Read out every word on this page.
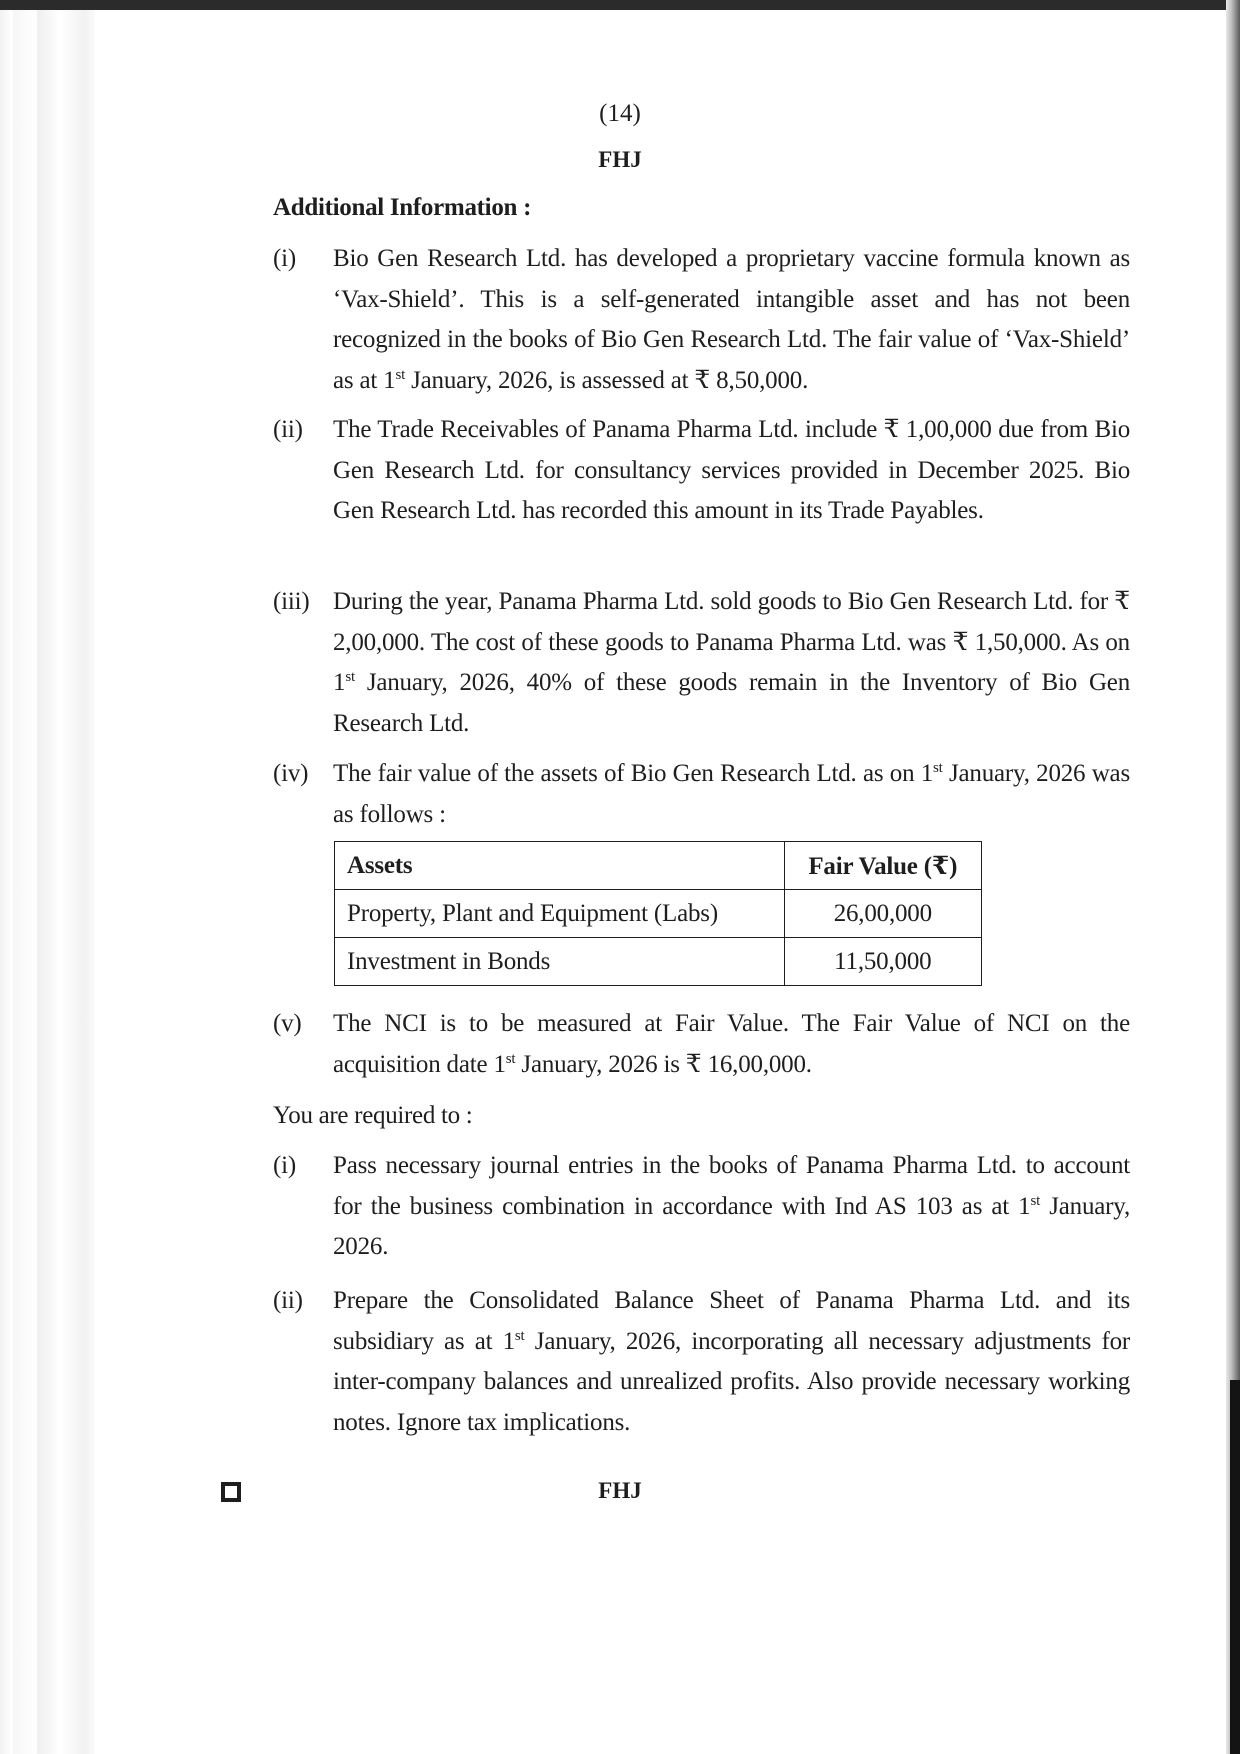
(14)
FHJ
Additional Information :
(i) Bio Gen Research Ltd. has developed a proprietary vaccine formula known as ‘Vax-Shield’. This is a self-generated intangible asset and has not been recognized in the books of Bio Gen Research Ltd. The fair value of ‘Vax-Shield’ as at 1st January, 2026, is assessed at ₹ 8,50,000.
(ii) The Trade Receivables of Panama Pharma Ltd. include ₹ 1,00,000 due from Bio Gen Research Ltd. for consultancy services provided in December 2025. Bio Gen Research Ltd. has recorded this amount in its Trade Payables.
(iii) During the year, Panama Pharma Ltd. sold goods to Bio Gen Research Ltd. for ₹ 2,00,000. The cost of these goods to Panama Pharma Ltd. was ₹ 1,50,000. As on 1st January, 2026, 40% of these goods remain in the Inventory of Bio Gen Research Ltd.
(iv) The fair value of the assets of Bio Gen Research Ltd. as on 1st January, 2026 was as follows :
Assets	Fair Value (₹)
Property, Plant and Equipment (Labs)	26,00,000
Investment in Bonds	11,50,000
(v) The NCI is to be measured at Fair Value. The Fair Value of NCI on the acquisition date 1st January, 2026 is ₹ 16,00,000.
You are required to :
(i) Pass necessary journal entries in the books of Panama Pharma Ltd. to account for the business combination in accordance with Ind AS 103 as at 1st January, 2026.
(ii) Prepare the Consolidated Balance Sheet of Panama Pharma Ltd. and its subsidiary as at 1st January, 2026, incorporating all necessary adjustments for inter-company balances and unrealized profits. Also provide necessary working notes. Ignore tax implications.
FHJ
